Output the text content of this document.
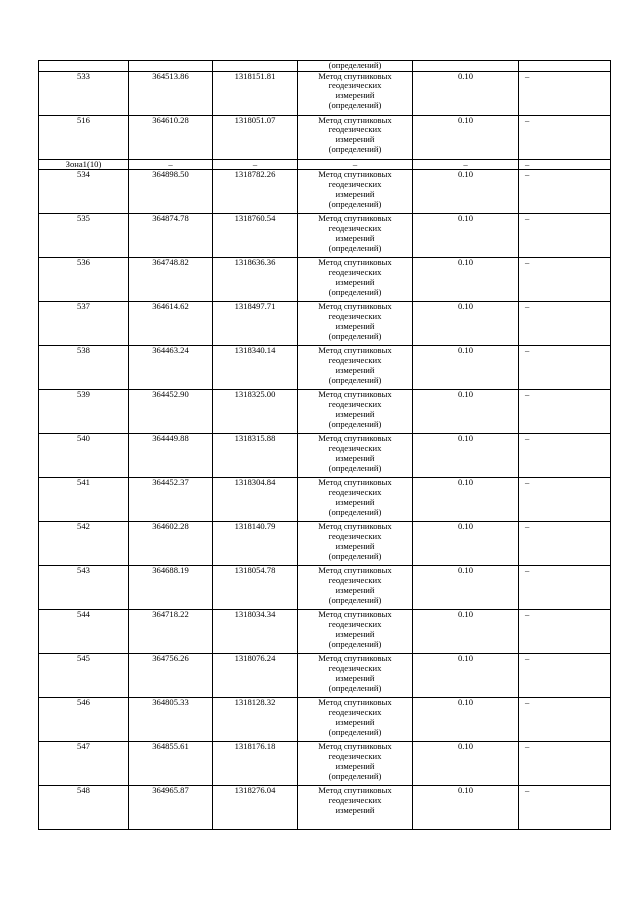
			(определений)		
533	364513.86	1318151.81	Метод спутниковых
геодезических
измерений
(определений)	0.10	–
516	364610.28	1318051.07	Метод спутниковых
геодезических
измерений
(определений)	0.10	–
Зона1(10)	–	–	–	–	–
534	364898.50	1318782.26	Метод спутниковых
геодезических
измерений
(определений)	0.10	–
535	364874.78	1318760.54	Метод спутниковых
геодезических
измерений
(определений)	0.10	–
536	364748.82	1318636.36	Метод спутниковых
геодезических
измерений
(определений)	0.10	–
537	364614.62	1318497.71	Метод спутниковых
геодезических
измерений
(определений)	0.10	–
538	364463.24	1318340.14	Метод спутниковых
геодезических
измерений
(определений)	0.10	–
539	364452.90	1318325.00	Метод спутниковых
геодезических
измерений
(определений)	0.10	–
540	364449.88	1318315.88	Метод спутниковых
геодезических
измерений
(определений)	0.10	–
541	364452.37	1318304.84	Метод спутниковых
геодезических
измерений
(определений)	0.10	–
542	364602.28	1318140.79	Метод спутниковых
геодезических
измерений
(определений)	0.10	–
543	364688.19	1318054.78	Метод спутниковых
геодезических
измерений
(определений)	0.10	–
544	364718.22	1318034.34	Метод спутниковых
геодезических
измерений
(определений)	0.10	–
545	364756.26	1318076.24	Метод спутниковых
геодезических
измерений
(определений)	0.10	–
546	364805.33	1318128.32	Метод спутниковых
геодезических
измерений
(определений)	0.10	–
547	364855.61	1318176.18	Метод спутниковых
геодезических
измерений
(определений)	0.10	–
548	364965.87	1318276.04	Метод спутниковых
геодезических
измерений	0.10	–
